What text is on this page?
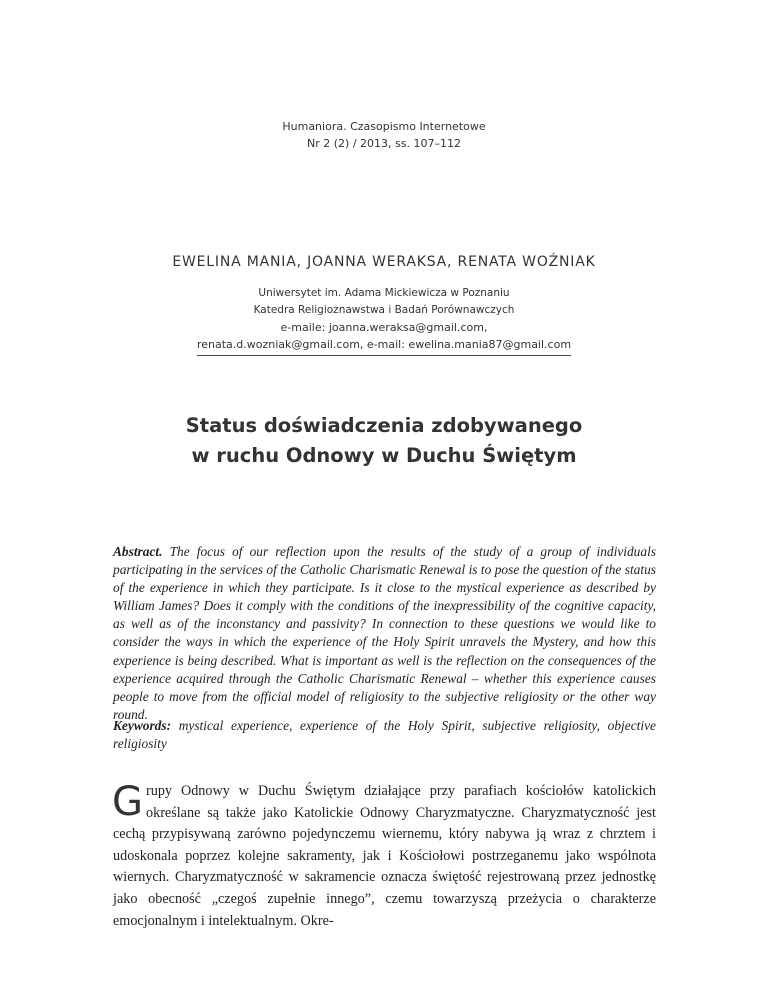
Humaniora. Czasopismo Internetowe
Nr 2 (2) / 2013, ss. 107–112
EWELINA MANIA, JOANNA WERAKSA, RENATA WOŹNIAK
Uniwersytet im. Adama Mickiewicza w Poznaniu
Katedra Religioznawstwa i Badań Porównawczych
e-maile: joanna.weraksa@gmail.com,
renata.d.wozniak@gmail.com, e-mail: ewelina.mania87@gmail.com
Status doświadczenia zdobywanego
w ruchu Odnowy w Duchu Świętym
Abstract. The focus of our reflection upon the results of the study of a group of individuals participating in the services of the Catholic Charismatic Renewal is to pose the question of the status of the experience in which they participate. Is it close to the mystical experience as described by William James? Does it comply with the conditions of the inexpressibility of the cognitive capacity, as well as of the inconstancy and passivity? In connection to these questions we would like to consider the ways in which the experience of the Holy Spirit unravels the Mystery, and how this experience is being described. What is important as well is the reflection on the consequences of the experience acquired through the Catholic Charismatic Renewal – whether this experience causes people to move from the official model of religiosity to the subjective religiosity or the other way round.
Keywords: mystical experience, experience of the Holy Spirit, subjective religiosity, objective religiosity
Grupy Odnowy w Duchu Świętym działające przy parafiach kościołów katolickich określane są także jako Katolickie Odnowy Charyzmatyczne. Charyzmatyczność jest cechą przypisywaną zarówno pojedynczemu wiernemu, który nabywa ją wraz z chrztem i udoskonala poprzez kolejne sakramenty, jak i Kościołowi postrzeganemu jako wspólnota wiernych. Charyzmatyczność w sakramencie oznacza świętość rejestrowaną przez jednostkę jako obecność „czegoś zupełnie innego”, czemu towarzyszą przeżycia o charakterze emocjonalnym i intelektualnym. Okre-
